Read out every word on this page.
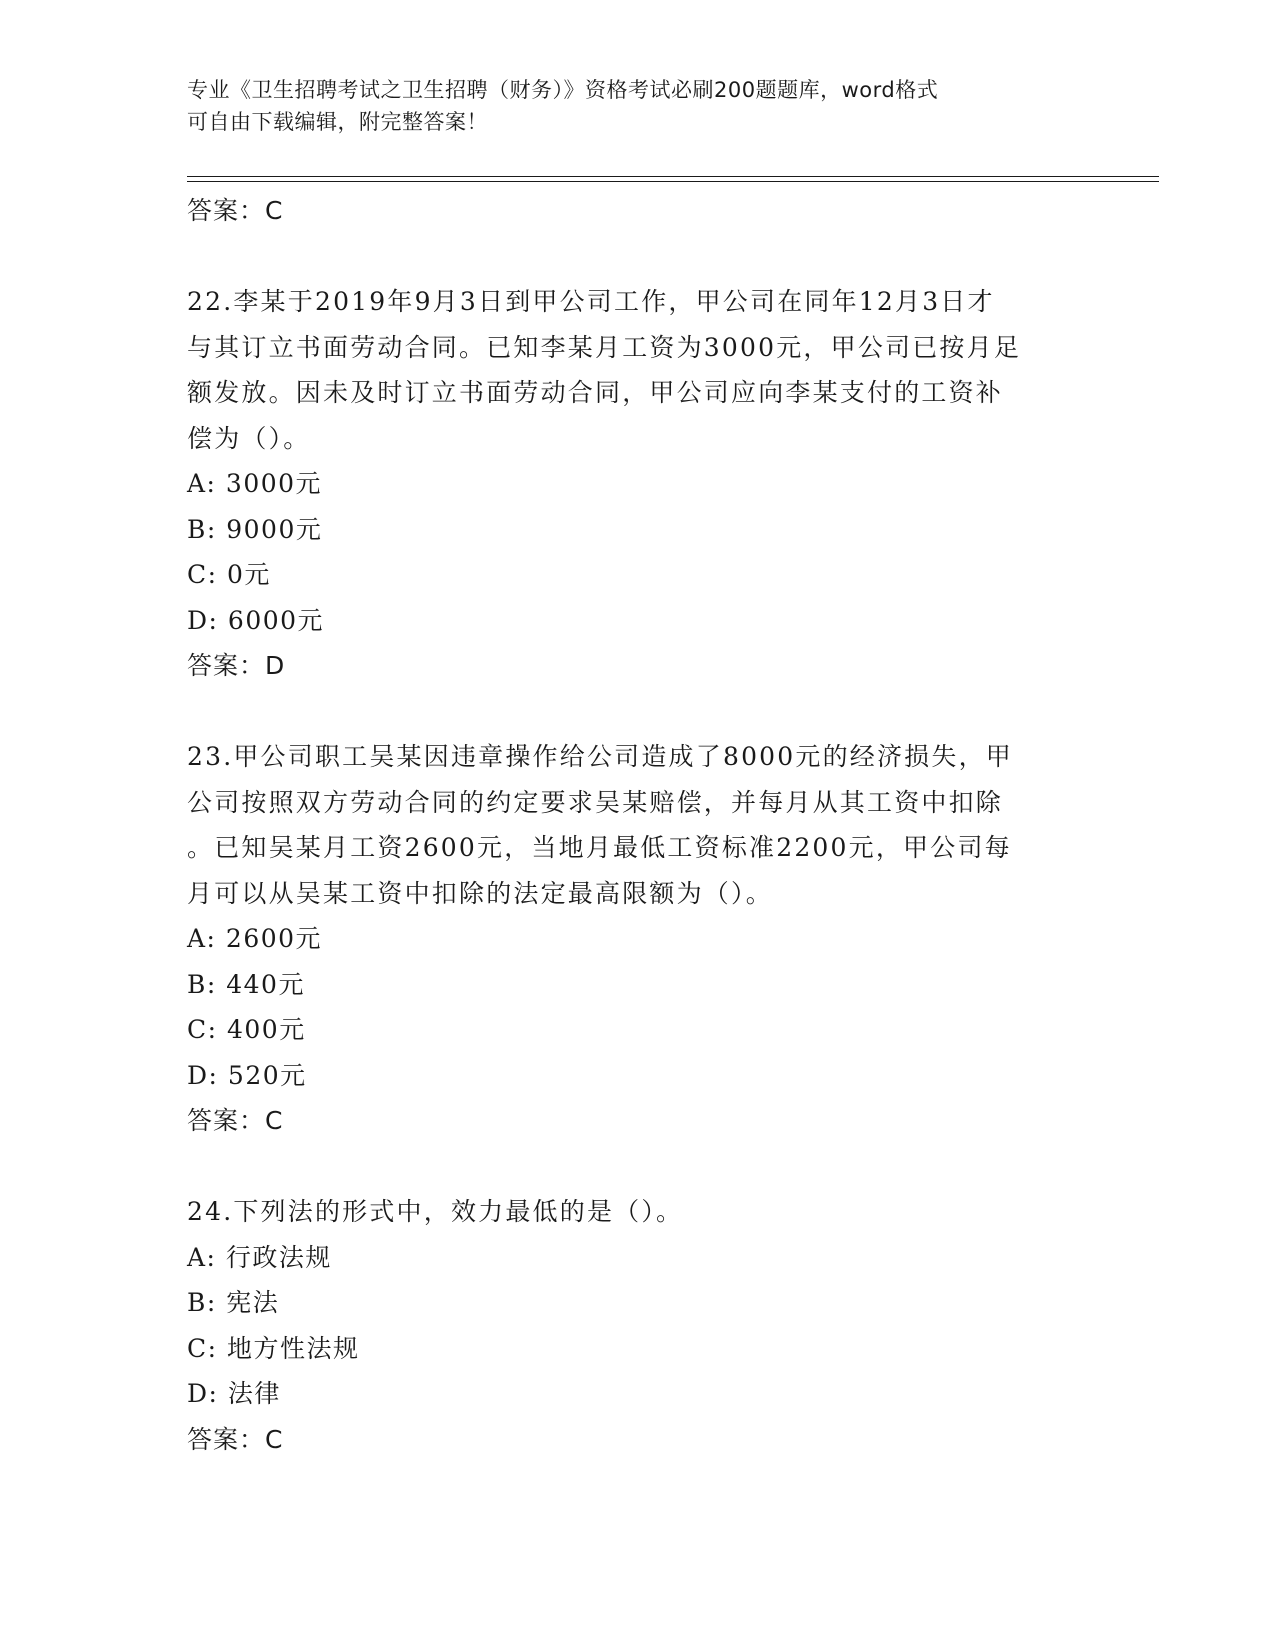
专业《卫生招聘考试之卫生招聘（财务）》资格考试必刷200题题库，word格式
可自由下载编辑，附完整答案！
答案：C
22.李某于2019年9月3日到甲公司工作，甲公司在同年12月3日才
与其订立书面劳动合同。已知李某月工资为3000元，甲公司已按月足
额发放。因未及时订立书面劳动合同，甲公司应向李某支付的工资补
偿为（）。
A: 3000元
B: 9000元
C: 0元
D: 6000元
答案：D
23.甲公司职工吴某因违章操作给公司造成了8000元的经济损失，甲
公司按照双方劳动合同的约定要求吴某赔偿，并每月从其工资中扣除
。已知吴某月工资2600元，当地月最低工资标准2200元，甲公司每
月可以从吴某工资中扣除的法定最高限额为（）。
A: 2600元
B: 440元
C: 400元
D: 520元
答案：C
24.下列法的形式中，效力最低的是（）。
A: 行政法规
B: 宪法
C: 地方性法规
D: 法律
答案：C
